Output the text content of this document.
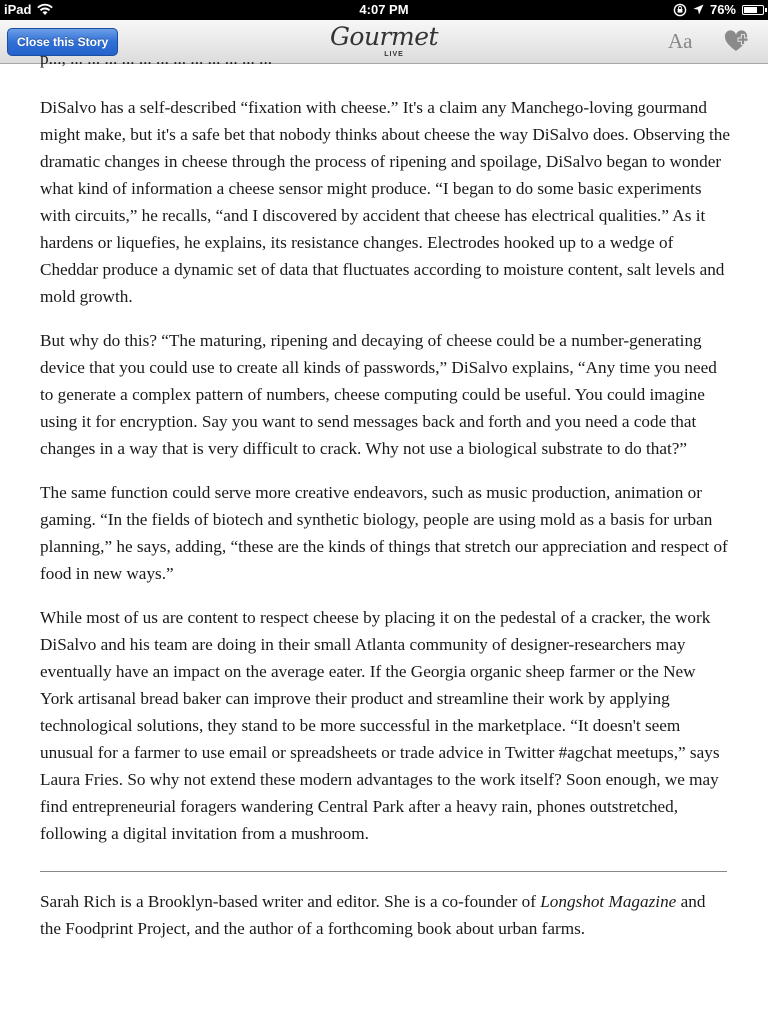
iPad	4:07 PM	76%
Close this Story	Gourmet
LIVE
Aa
p..., ... ... ... ... ... ... ... ... ... ... ... ...

DiSalvo has a self-described “fixation with cheese.” It's a claim any Manchego-loving gourmand might make, but it's a safe bet that nobody thinks about cheese the way DiSalvo does. Observing the dramatic changes in cheese through the process of ripening and spoilage, DiSalvo began to wonder what kind of information a cheese sensor might produce. “I began to do some basic experiments with circuits,” he recalls, “and I discovered by accident that cheese has electrical qualities.” As it hardens or liquefies, he explains, its resistance changes. Electrodes hooked up to a wedge of Cheddar produce a dynamic set of data that fluctuates according to moisture content, salt levels and mold growth.

But why do this? “The maturing, ripening and decaying of cheese could be a number-generating device that you could use to create all kinds of passwords,” DiSalvo explains, “Any time you need to generate a complex pattern of numbers, cheese computing could be useful. You could imagine using it for encryption. Say you want to send messages back and forth and you need a code that changes in a way that is very difficult to crack. Why not use a biological substrate to do that?”

The same function could serve more creative endeavors, such as music production, animation or gaming. “In the fields of biotech and synthetic biology, people are using mold as a basis for urban planning,” he says, adding, “these are the kinds of things that stretch our appreciation and respect of food in new ways.”

While most of us are content to respect cheese by placing it on the pedestal of a cracker, the work DiSalvo and his team are doing in their small Atlanta community of designer-researchers may eventually have an impact on the average eater. If the Georgia organic sheep farmer or the New York artisanal bread baker can improve their product and streamline their work by applying technological solutions, they stand to be more successful in the marketplace. “It doesn't seem unusual for a farmer to use email or spreadsheets or trade advice in Twitter #agchat meetups,” says Laura Fries. So why not extend these modern advantages to the work itself? Soon enough, we may find entrepreneurial foragers wandering Central Park after a heavy rain, phones outstretched, following a digital invitation from a mushroom.

Sarah Rich is a Brooklyn-based writer and editor. She is a co-founder of Longshot Magazine and the Foodprint Project, and the author of a forthcoming book about urban farms.
